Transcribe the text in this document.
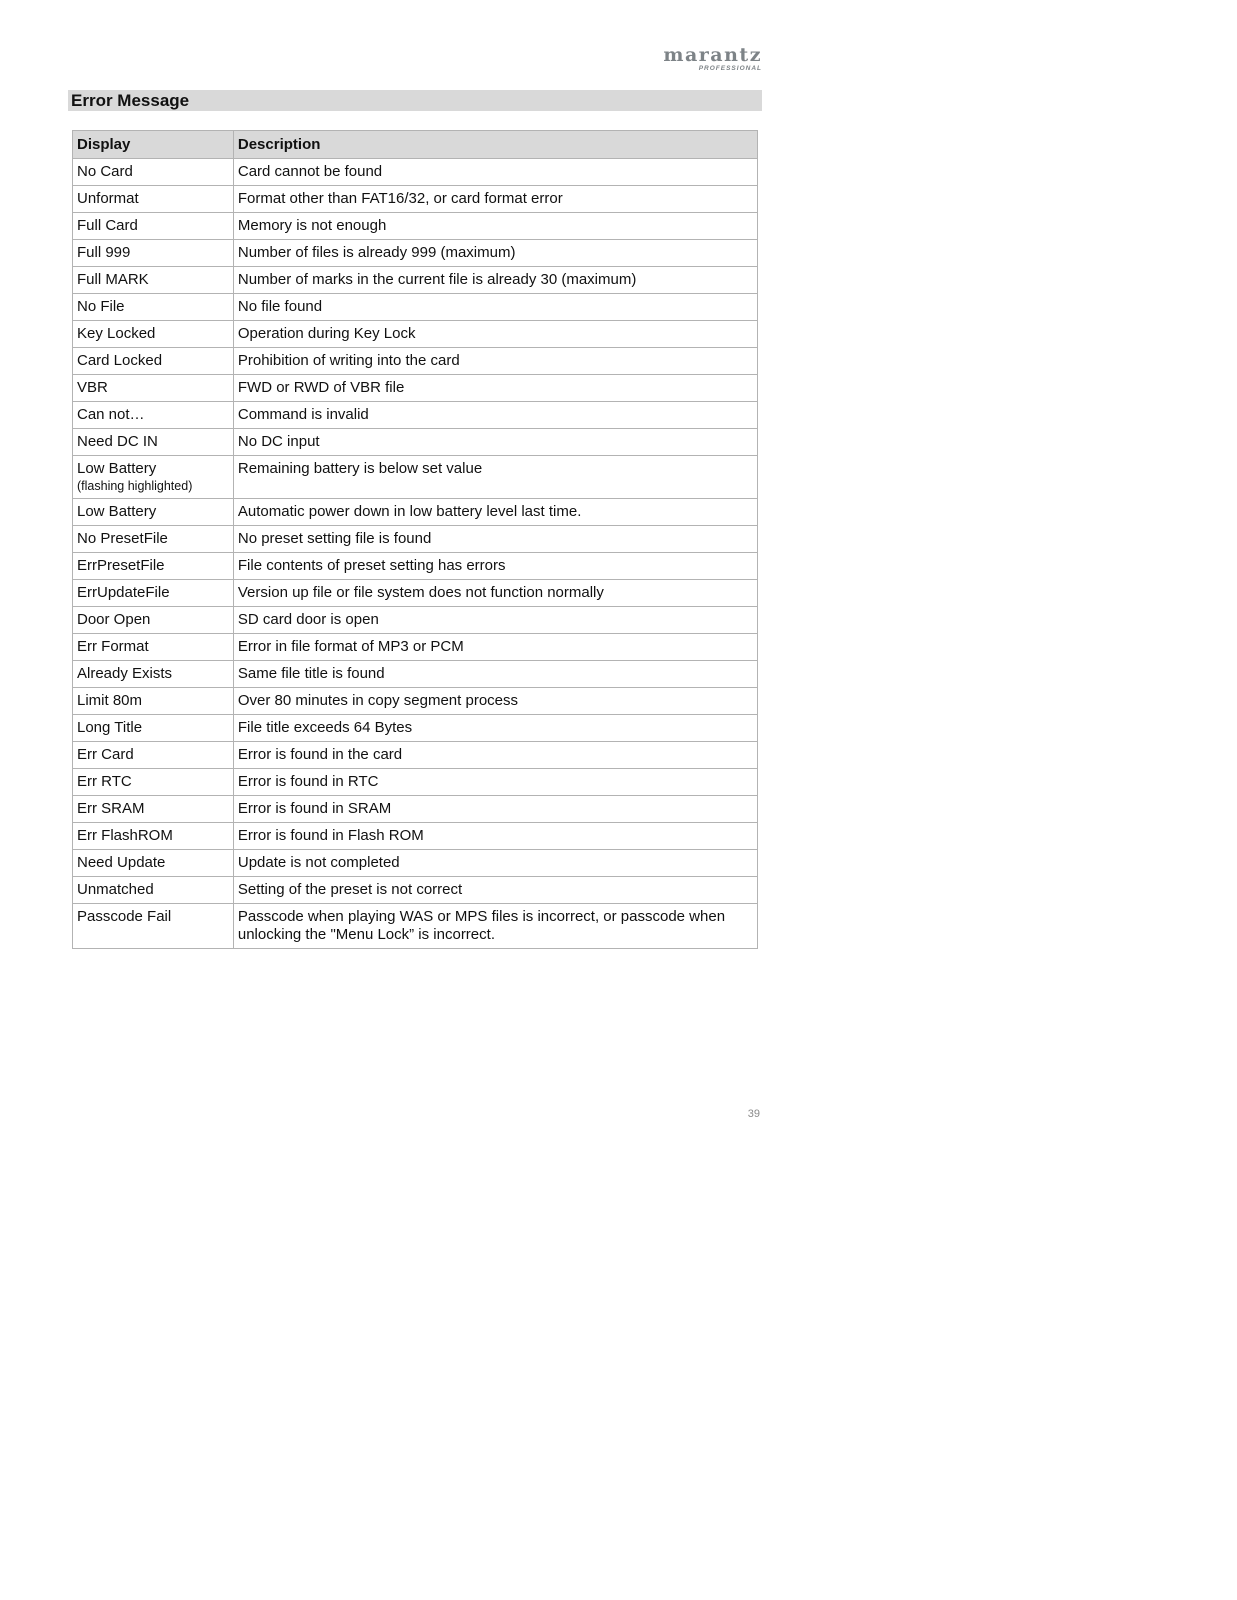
marantz
PROFESSIONAL
Error Message
Display	Description

No Card	Card cannot be found

Unformat	Format other than FAT16/32, or card format error

Full Card	Memory is not enough

Full 999	Number of files is already 999 (maximum)

Full MARK	Number of marks in the current file is already 30 (maximum)

No File	No file found

Key Locked	Operation during Key Lock

Card Locked	Prohibition of writing into the card

VBR	FWD or RWD of VBR file

Can not…	Command is invalid

Need DC IN	No DC input

Low Battery
(flashing highlighted)	Remaining battery is below set value

Low Battery	Automatic power down in low battery level last time.

No PresetFile	No preset setting file is found

ErrPresetFile	File contents of preset setting has errors

ErrUpdateFile	Version up file or file system does not function normally

Door Open	SD card door is open

Err Format	Error in file format of MP3 or PCM

Already Exists	Same file title is found

Limit 80m	Over 80 minutes in copy segment process

Long Title	File title exceeds 64 Bytes

Err Card	Error is found in the card

Err RTC	Error is found in RTC

Err SRAM	Error is found in SRAM

Err FlashROM	Error is found in Flash ROM

Need Update	Update is not completed

Unmatched	Setting of the preset is not correct

Passcode Fail	Passcode when playing WAS or MPS files is incorrect, or passcode when unlocking the "Menu Lock” is incorrect.
39
